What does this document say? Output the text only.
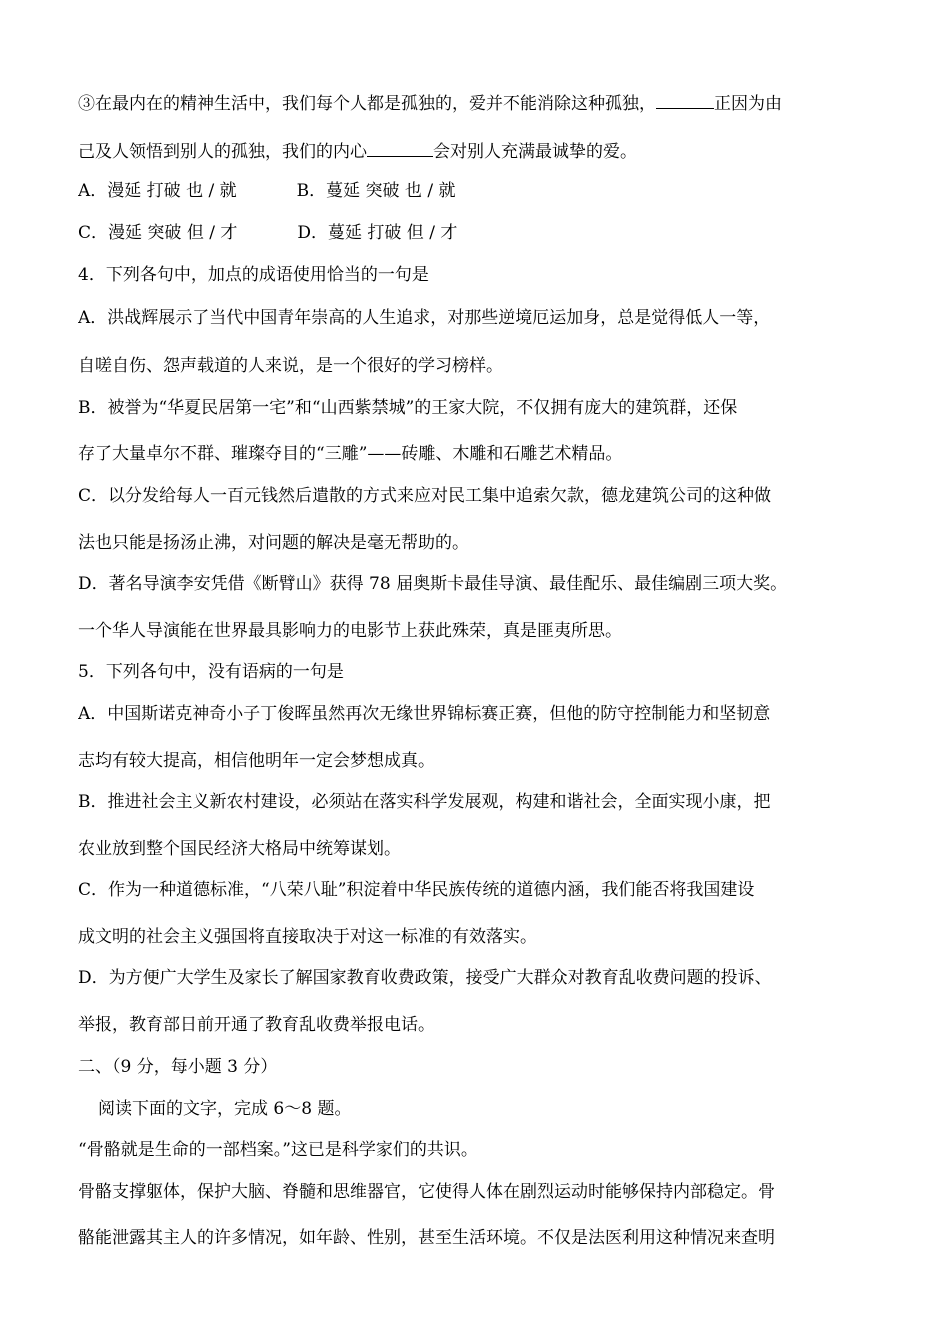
③在最内在的精神生活中，我们每个人都是孤独的，爱并不能消除这种孤独，	正因为由
己及人领悟到别人的孤独，我们的内心	会对别人充满最诚挚的爱。
A．漫延 打破 也 / 就	B．蔓延 突破 也 / 就
C．漫延 突破 但 / 才	D．蔓延 打破 但 / 才
4．下列各句中，加点的成语使用恰当的一句是
A．洪战辉展示了当代中国青年崇高的人生追求，对那些逆境厄运加身，总是觉得低人一等，
自嗟自伤、怨声载道的人来说，是一个很好的学习榜样。
B．被誉为“华夏民居第一宅”和“山西紫禁城”的王家大院，不仅拥有庞大的建筑群，还保
存了大量卓尔不群、璀璨夺目的“三雕”——砖雕、木雕和石雕艺术精品。
C．以分发给每人一百元钱然后遣散的方式来应对民工集中追索欠款，德龙建筑公司的这种做
法也只能是扬汤止沸，对问题的解决是毫无帮助的。
D．著名导演李安凭借《断臂山》获得 78 届奥斯卡最佳导演、最佳配乐、最佳编剧三项大奖。
一个华人导演能在世界最具影响力的电影节上获此殊荣，真是匪夷所思。
5．下列各句中，没有语病的一句是
A．中国斯诺克神奇小子丁俊晖虽然再次无缘世界锦标赛正赛，但他的防守控制能力和坚韧意
志均有较大提高，相信他明年一定会梦想成真。
B．推进社会主义新农村建设，必须站在落实科学发展观，构建和谐社会，全面实现小康，把
农业放到整个国民经济大格局中统筹谋划。
C．作为一种道德标准，“八荣八耻”积淀着中华民族传统的道德内涵，我们能否将我国建设
成文明的社会主义强国将直接取决于对这一标准的有效落实。
D．为方便广大学生及家长了解国家教育收费政策，接受广大群众对教育乱收费问题的投诉、
举报，教育部日前开通了教育乱收费举报电话。
二、（9 分，每小题 3 分）
阅读下面的文字，完成 6～8 题。
“骨骼就是生命的一部档案。”这已是科学家们的共识。
骨骼支撑躯体，保护大脑、脊髓和思维器官，它使得人体在剧烈运动时能够保持内部稳定。骨
骼能泄露其主人的许多情况，如年龄、性别，甚至生活环境。不仅是法医利用这种情况来查明
